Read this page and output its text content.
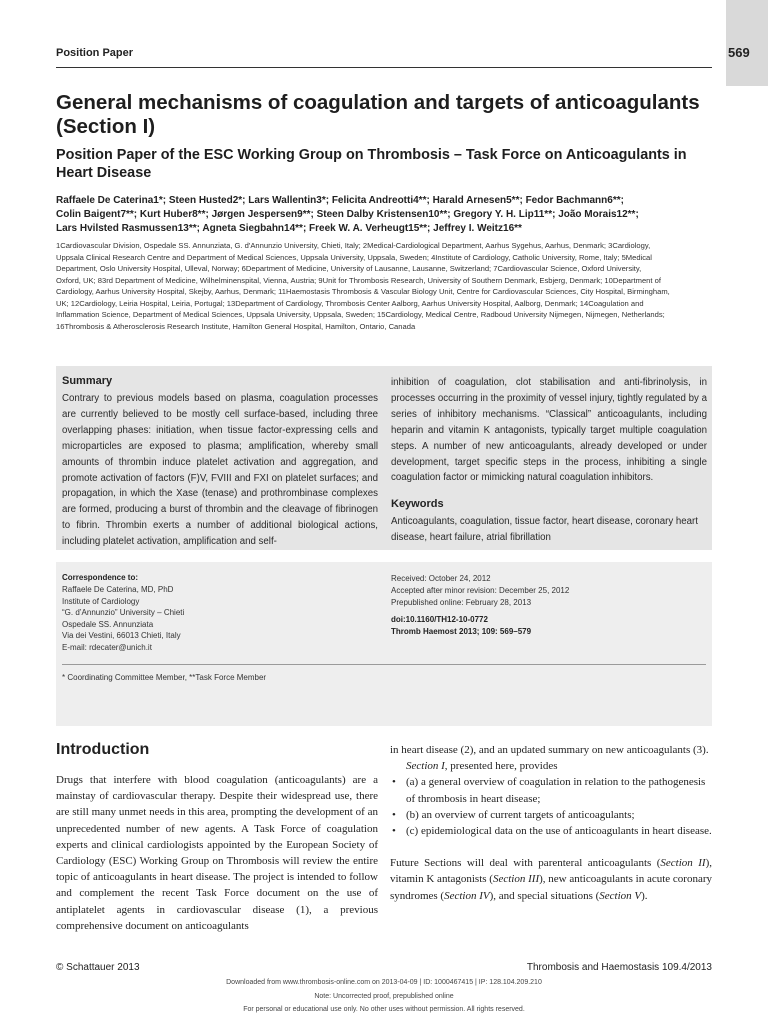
569
Position Paper
General mechanisms of coagulation and targets of anticoagulants (Section I)
Position Paper of the ESC Working Group on Thrombosis – Task Force on Anticoagulants in Heart Disease
Raffaele De Caterina1*; Steen Husted2*; Lars Wallentin3*; Felicita Andreotti4**; Harald Arnesen5**; Fedor Bachmann6**;
Colin Baigent7**; Kurt Huber8**; Jørgen Jespersen9**; Steen Dalby Kristensen10**; Gregory Y. H. Lip11**; João Morais12**;
Lars Hvilsted Rasmussen13**; Agneta Siegbahn14**; Freek W. A. Verheugt15**; Jeffrey I. Weitz16**
1Cardiovascular Division, Ospedale SS. Annunziata, G. d'Annunzio University, Chieti, Italy; 2Medical-Cardiological Department, Aarhus Sygehus, Aarhus, Denmark; 3Cardiology,
Uppsala Clinical Research Centre and Department of Medical Sciences, Uppsala University, Uppsala, Sweden; 4Institute of Cardiology, Catholic University, Rome, Italy; 5Medical
Department, Oslo University Hospital, Ulleval, Norway; 6Department of Medicine, University of Lausanne, Lausanne, Switzerland; 7Cardiovascular Science, Oxford University,
Oxford, UK; 83rd Department of Medicine, Wilhelminenspital, Vienna, Austria; 9Unit for Thrombosis Research, University of Southern Denmark, Esbjerg, Denmark; 10Department of
Cardiology, Aarhus University Hospital, Skejby, Aarhus, Denmark; 11Haemostasis Thrombosis & Vascular Biology Unit, Centre for Cardiovascular Sciences, City Hospital, Birmingham,
UK; 12Cardiology, Leiria Hospital, Leiria, Portugal; 13Department of Cardiology, Thrombosis Center Aalborg, Aarhus University Hospital, Aalborg, Denmark; 14Coagulation and
Inflammation Science, Department of Medical Sciences, Uppsala University, Uppsala, Sweden; 15Cardiology, Medical Centre, Radboud University Nijmegen, Nijmegen, Netherlands;
16Thrombosis & Atherosclerosis Research Institute, Hamilton General Hospital, Hamilton, Ontario, Canada
Summary
Contrary to previous models based on plasma, coagulation processes are currently believed to be mostly cell surface-based, including three overlapping phases: initiation, when tissue factor-expressing cells and microparticles are exposed to plasma; amplification, whereby small amounts of thrombin induce platelet activation and aggregation, and promote activation of factors (F)V, FVIII and FXI on platelet surfaces; and propagation, in which the Xase (tenase) and prothrombinase complexes are formed, producing a burst of thrombin and the cleavage of fibrinogen to fibrin. Thrombin exerts a number of additional biological actions, including platelet activation, amplification and self-
inhibition of coagulation, clot stabilisation and anti-fibrinolysis, in processes occurring in the proximity of vessel injury, tightly regulated by a series of inhibitory mechanisms. “Classical” anticoagulants, including heparin and vitamin K antagonists, typically target multiple coagulation steps. A number of new anticoagulants, already developed or under development, target specific steps in the process, inhibiting a single coagulation factor or mimicking natural coagulation inhibitors.
Keywords
Anticoagulants, coagulation, tissue factor, heart disease, coronary heart disease, heart failure, atrial fibrillation
Correspondence to:
Raffaele De Caterina, MD, PhD
Institute of Cardiology
“G. d’Annunzio” University – Chieti
Ospedale SS. Annunziata
Via dei Vestini, 66013 Chieti, Italy
E-mail: rdecater@unich.it
Received: October 24, 2012
Accepted after minor revision: December 25, 2012
Prepublished online: February 28, 2013
doi:10.1160/TH12-10-0772
Thromb Haemost 2013; 109: 569–579
* Coordinating Committee Member, **Task Force Member
Introduction
Drugs that interfere with blood coagulation (anticoagulants) are a mainstay of cardiovascular therapy. Despite their widespread use, there are still many unmet needs in this area, prompting the development of an unprecedented number of new agents. A Task Force of coagulation experts and clinical cardiologists appointed by the European Society of Cardiology (ESC) Working Group on Thrombosis will review the entire topic of anticoagulants in heart disease. The project is intended to follow and complement the recent Task Force document on the use of antiplatelet agents in cardiovascular disease (1), a previous comprehensive document on anticoagulants
in heart disease (2), and an updated summary on new anticoagulants (3).
Section I, presented here, provides
• (a) a general overview of coagulation in relation to the pathogenesis of thrombosis in heart disease;
• (b) an overview of current targets of anticoagulants;
• (c) epidemiological data on the use of anticoagulants in heart disease.
Future Sections will deal with parenteral anticoagulants (Section II), vitamin K antagonists (Section III), new anticoagulants in acute coronary syndromes (Section IV), and special situations (Section V).
© Schattauer 2013	Thrombosis and Haemostasis 109.4/2013
Downloaded from www.thrombosis-online.com on 2013-04-09 | ID: 1000467415 | IP: 128.104.209.210
Note: Uncorrected proof, prepublished online
For personal or educational use only. No other uses without permission. All rights reserved.
